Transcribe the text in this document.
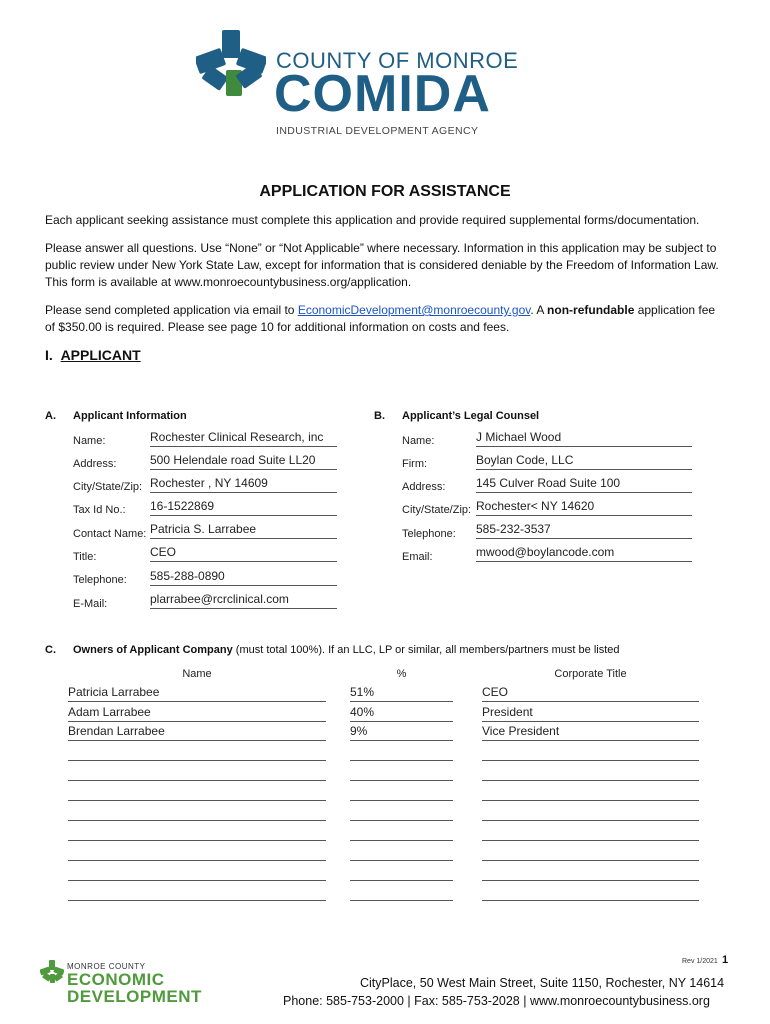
COUNTY OF MONROE
COMIDA
INDUSTRIAL DEVELOPMENT AGENCY
APPLICATION FOR ASSISTANCE
Each applicant seeking assistance must complete this application and provide required supplemental forms/documentation.
Please answer all questions. Use “None” or “Not Applicable” where necessary. Information in this application may be subject to public review under New York State Law, except for information that is considered deniable by the Freedom of Information Law. This form is available at www.monroecountybusiness.org/application.
Please send completed application via email to EconomicDevelopment@monroecounty.gov. A non-refundable application fee of $350.00 is required. Please see page 10 for additional information on costs and fees.
I. APPLICANT
A. Applicant Information
Name:	Rochester Clinical Research, inc
Address:	500 Helendale road Suite LL20
City/State/Zip: Rochester , NY 14609
Tax Id No.: 16-1522869
Contact Name: Patricia S. Larrabee
Title:	CEO
Telephone: 585-288-0890
E-Mail:	plarrabee@rcrclinical.com
B. Applicant’s Legal Counsel
Name:	J Michael Wood
Firm:	Boylan Code, LLC
Address:	145 Culver Road Suite 100
City/State/Zip: Rochester< NY 14620
Telephone: 585-232-3537
Email:	mwood@boylancode.com
C. Owners of Applicant Company (must total 100%). If an LLC, LP or similar, all members/partners must be listed
Name	%	Corporate Title
Patricia Larrabee	51%	CEO
Adam Larrabee	40%	President
Brendan Larrabee	9%	Vice President
MONROE COUNTY
ECONOMIC
DEVELOPMENT
Rev 1/2021 1
CityPlace, 50 West Main Street, Suite 1150, Rochester, NY 14614
Phone: 585-753-2000 | Fax: 585-753-2028 | www.monroecountybusiness.org
